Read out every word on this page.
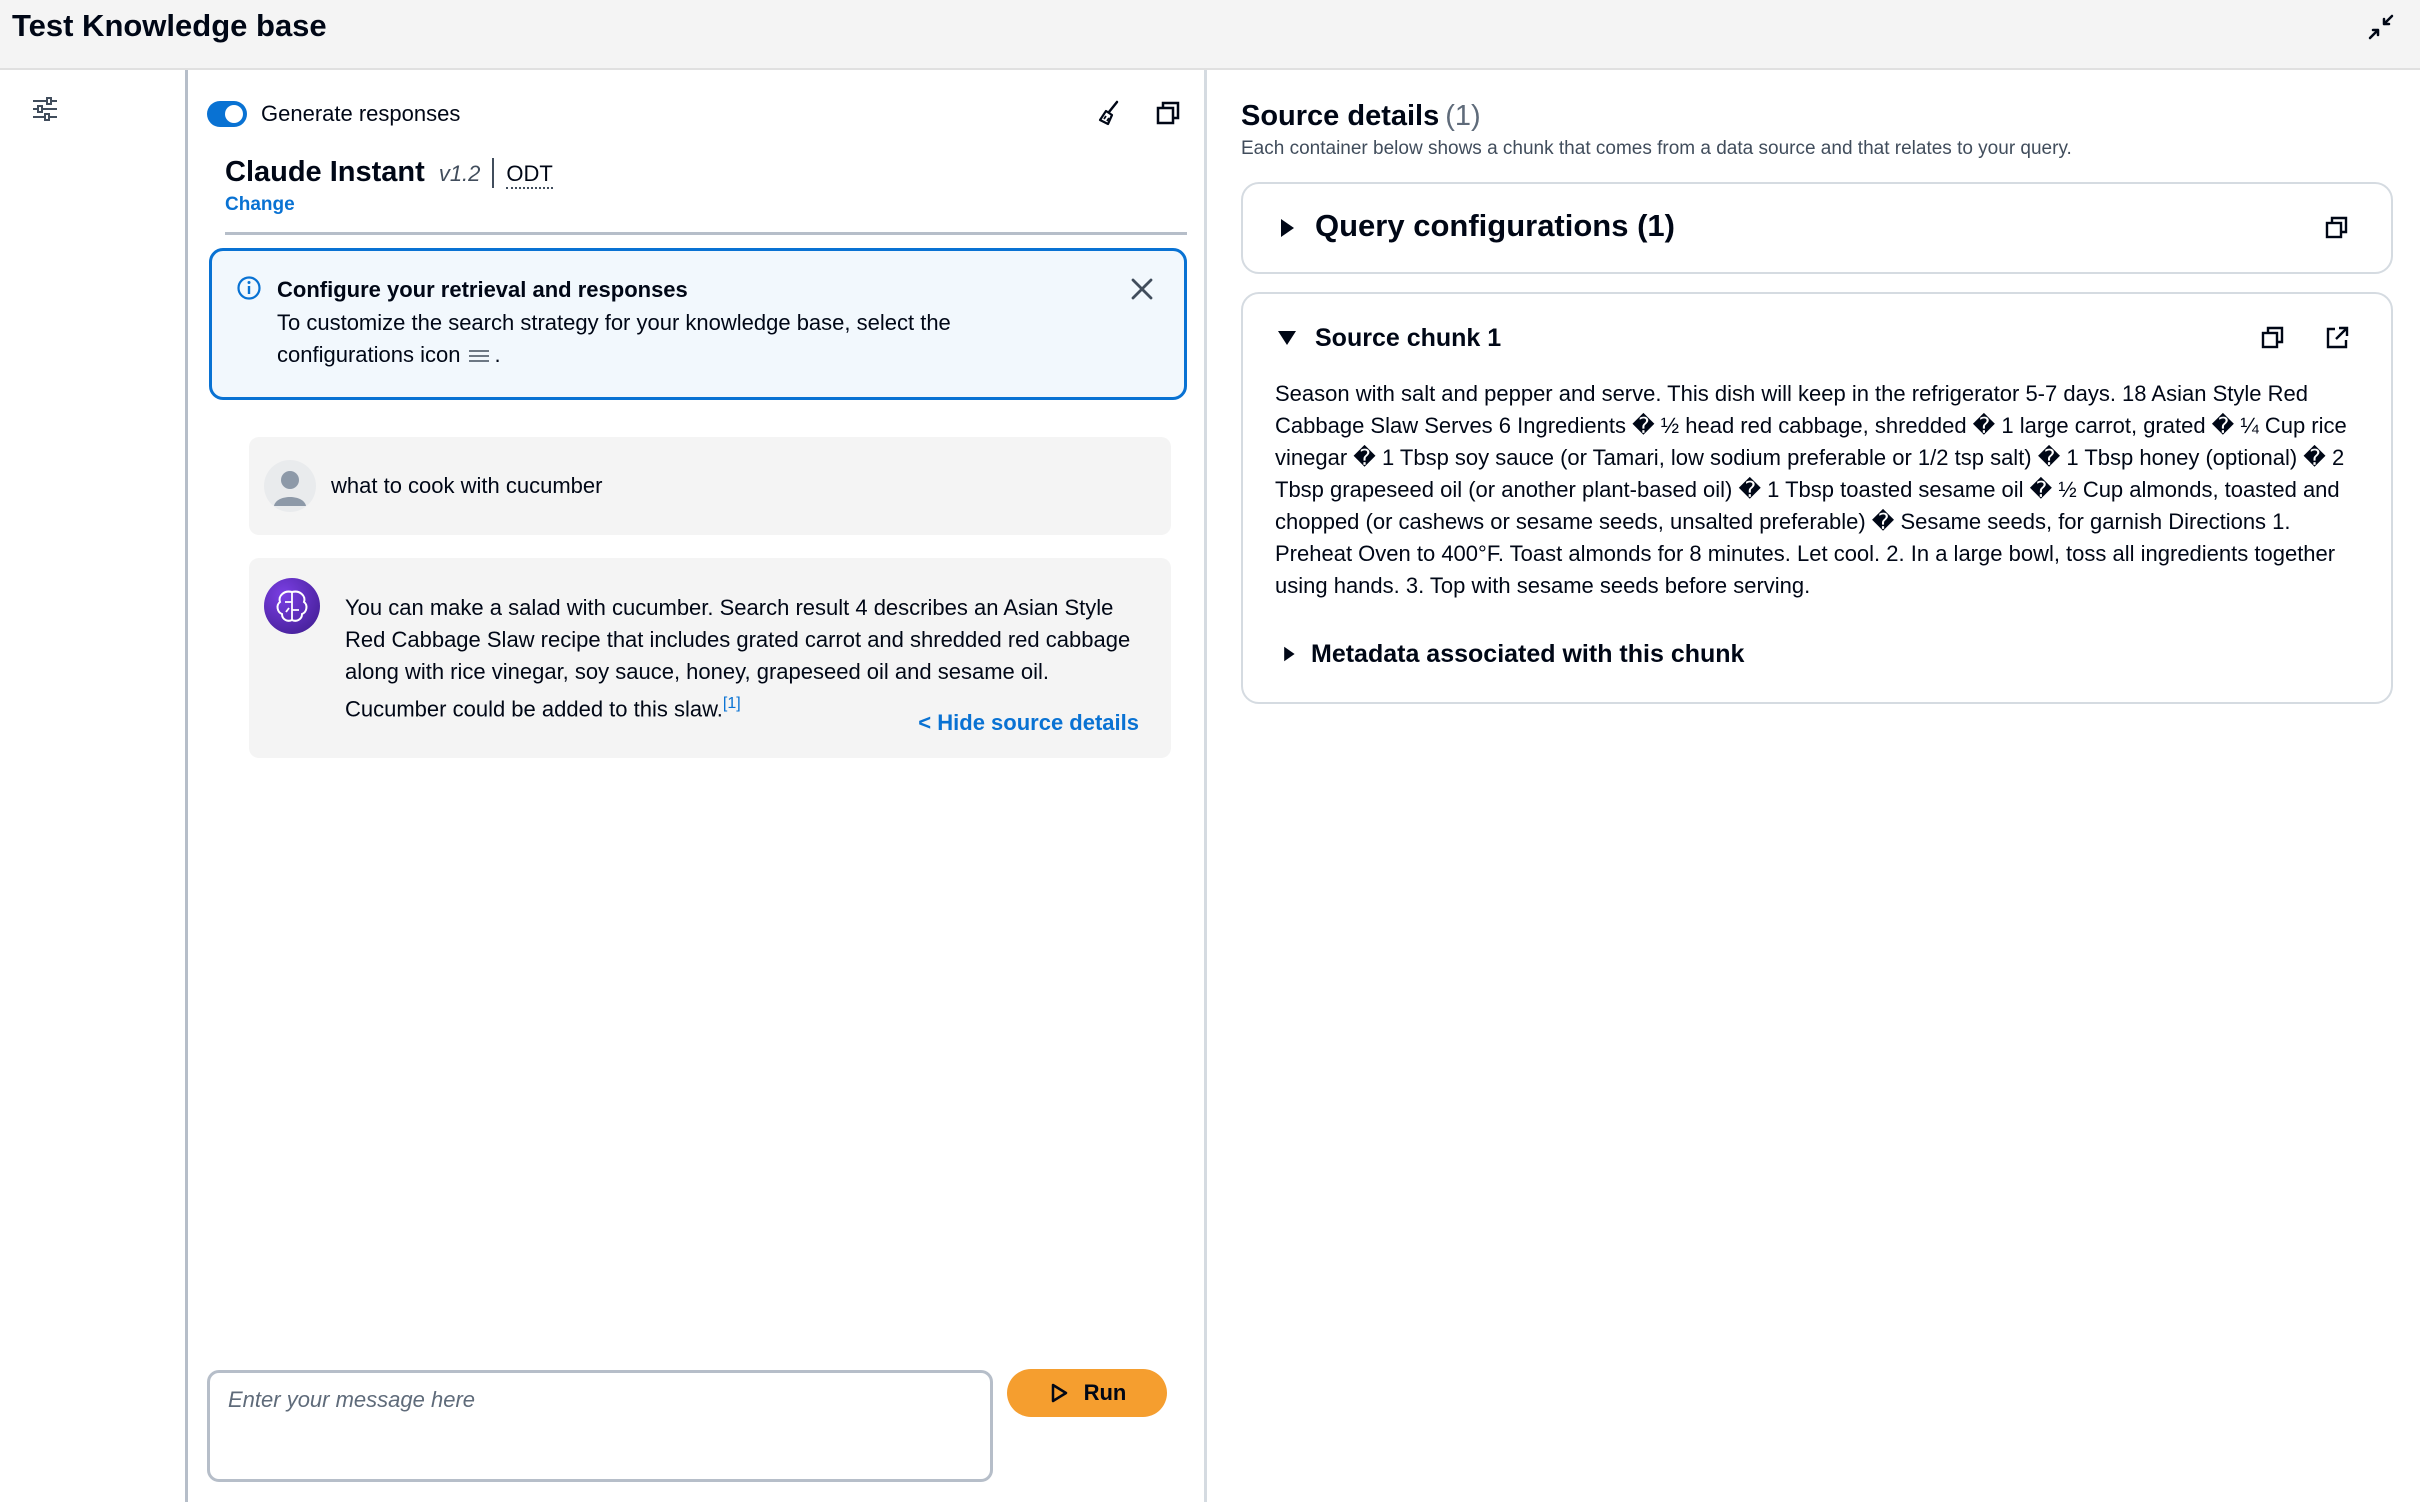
Test Knowledge base
Generate responses
Claude Instant v1.2 ODT
Change
Configure your retrieval and responses
To customize the search strategy for your knowledge base, select the configurations icon .
what to cook with cucumber
You can make a salad with cucumber. Search result 4 describes an Asian Style Red Cabbage Slaw recipe that includes grated carrot and shredded red cabbage along with rice vinegar, soy sauce, honey, grapeseed oil and sesame oil. Cucumber could be added to this slaw.[1]
< Hide source details
Enter your message here
Run
Source details (1)
Each container below shows a chunk that comes from a data source and that relates to your query.
Query configurations (1)
Source chunk 1
Season with salt and pepper and serve. This dish will keep in the refrigerator 5-7 days. 18 Asian Style Red Cabbage Slaw Serves 6 Ingredients � ½ head red cabbage, shredded � 1 large carrot, grated � ¼ Cup rice vinegar � 1 Tbsp soy sauce (or Tamari, low sodium preferable or 1/2 tsp salt) � 1 Tbsp honey (optional) � 2 Tbsp grapeseed oil (or another plant-based oil) � 1 Tbsp toasted sesame oil � ½ Cup almonds, toasted and chopped (or cashews or sesame seeds, unsalted preferable) � Sesame seeds, for garnish Directions 1. Preheat Oven to 400°F. Toast almonds for 8 minutes. Let cool. 2. In a large bowl, toss all ingredients together using hands. 3. Top with sesame seeds before serving.
Metadata associated with this chunk
